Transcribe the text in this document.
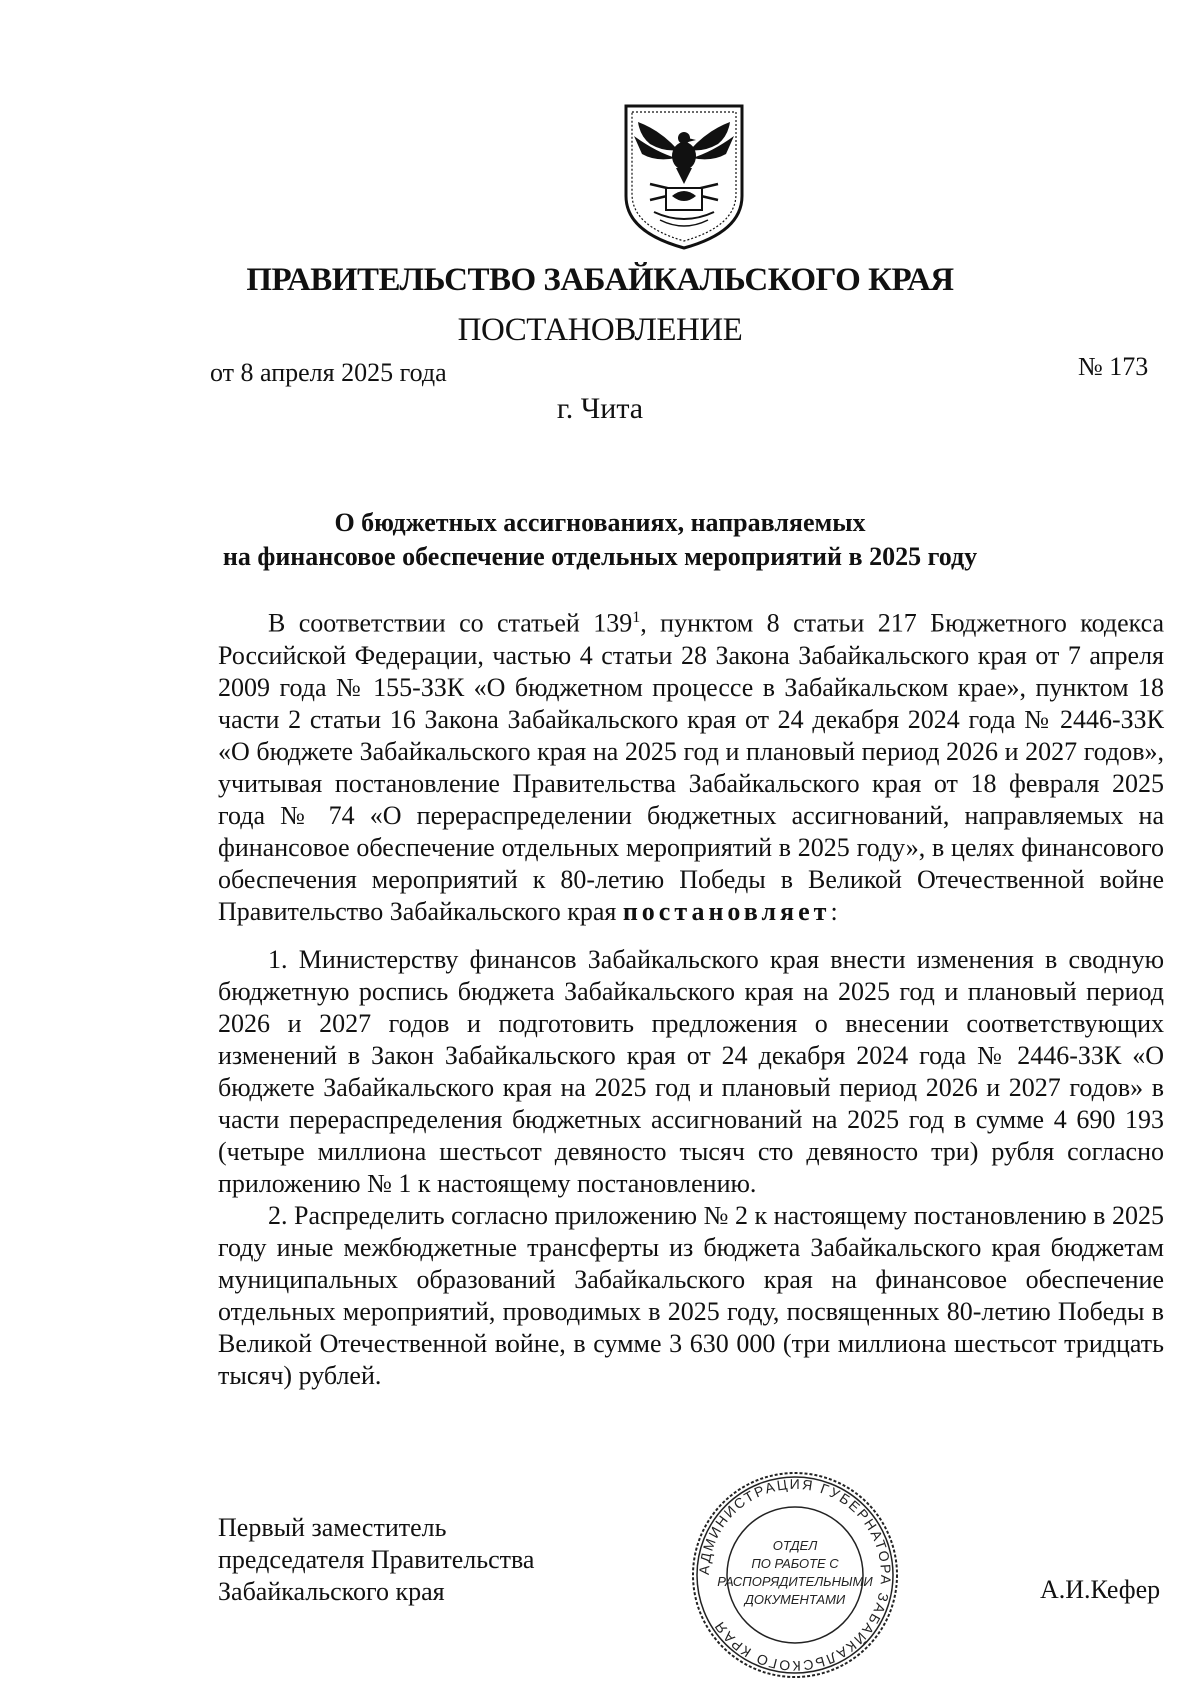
ПРАВИТЕЛЬСТВО ЗАБАЙКАЛЬСКОГО КРАЯ
ПОСТАНОВЛЕНИЕ
от 8 апреля 2025 года	№ 173
г. Чита
О бюджетных ассигнованиях, направляемых
на финансовое обеспечение отдельных мероприятий в 2025 году

В соответствии со статьей $139^1$, пунктом 8 статьи 217 Бюджетного кодекса Российской Федерации, частью 4 статьи 28 Закона Забайкальского края от 7 апреля 2009 года № 155-ЗЗК «О бюджетном процессе в Забайкальском крае», пунктом 18 части 2 статьи 16 Закона Забайкальского края от 24 декабря 2024 года № 2446-ЗЗК «О бюджете Забайкальского края на 2025 год и плановый период 2026 и 2027 годов», учитывая постановление Правительства Забайкальского края от 18 февраля 2025 года № 74 «О перераспределении бюджетных ассигнований, направляемых на финансовое обеспечение отдельных мероприятий в 2025 году», в целях финансового обеспечения мероприятий к 80-летию Победы в Великой Отечественной войне Правительство Забайкальского края постановляет:

1. Министерству финансов Забайкальского края внести изменения в сводную бюджетную роспись бюджета Забайкальского края на 2025 год и плановый период 2026 и 2027 годов и подготовить предложения о внесении соответствующих изменений в Закон Забайкальского края от 24 декабря 2024 года № 2446-ЗЗК «О бюджете Забайкальского края на 2025 год и плановый период 2026 и 2027 годов» в части перераспределения бюджетных ассигнований на 2025 год в сумме 4 690 193 (четыре миллиона шестьсот девяносто тысяч сто девяносто три) рубля согласно приложению № 1 к настоящему постановлению.

2. Распределить согласно приложению № 2 к настоящему постановлению в 2025 году иные межбюджетные трансферты из бюджета Забайкальского края бюджетам муниципальных образований Забайкальского края на финансовое обеспечение отдельных мероприятий, проводимых в 2025 году, посвященных 80-летию Победы в Великой Отечественной войне, в сумме 3 630 000 (три миллиона шестьсот тридцать тысяч) рублей.

Первый заместитель
председателя Правительства
Забайкальского края	А.И.Кефер
АДМИНИСТРАЦИЯ ГУБЕРНАТОРА ЗАБАЙКАЛЬСКОГО КРАЯ
ОТДЕЛ
ПО РАБОТЕ С
РАСПОРЯДИТЕЛЬНЫМИ
ДОКУМЕНТАМИ
